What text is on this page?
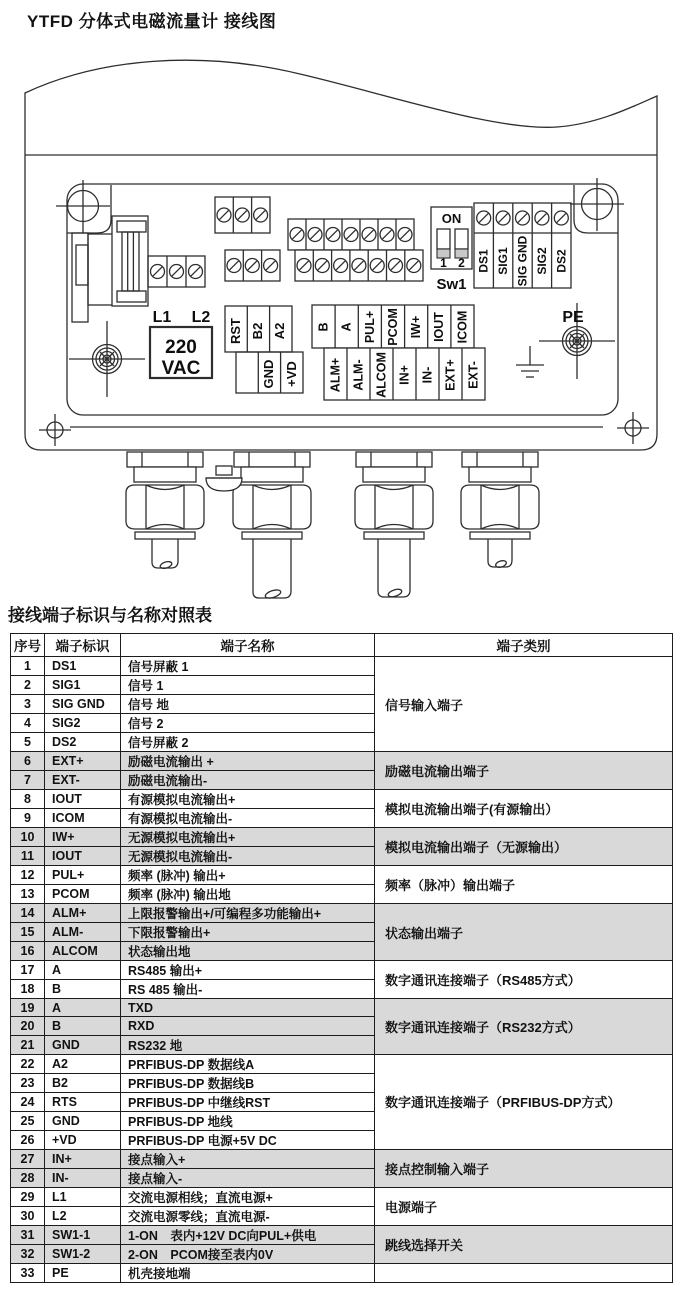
YTFD 分体式电磁流量计 接线图
L1 L2
220
VAC
RST B2 A2
GND +VD
B A PUL+ PCOM IW+ IOUT ICOM
ALM+ ALM- ALCOM IN+ IN- EXT+ EXT-
ON
1 2
Sw1
DS1 SIG1 SIG GND SIG2 DS2
PE
接线端子标识与名称对照表
序号	端子标识	端子名称	端子类别
1	DS1	信号屏蔽 1	信号输入端子
2	SIG1	信号 1	
3	SIG GND	信号 地	
4	SIG2	信号 2	
5	DS2	信号屏蔽 2	
6	EXT+	励磁电流输出 +	励磁电流输出端子
7	EXT-	励磁电流输出-	
8	IOUT	有源模拟电流输出+	模拟电流输出端子(有源输出）
9	ICOM	有源模拟电流输出-	
10	IW+	无源模拟电流输出+	模拟电流输出端子（无源输出）
11	IOUT	无源模拟电流输出-	
12	PUL+	频率 (脉冲) 输出+	频率（脉冲）输出端子
13	PCOM	频率 (脉冲) 输出地	
14	ALM+	上限报警输出+/可编程多功能输出+	状态输出端子
15	ALM-	下限报警输出+	
16	ALCOM	状态输出地	
17	A	RS485 输出+	数字通讯连接端子（RS485方式）
18	B	RS 485 输出-	
19	A	TXD	数字通讯连接端子（RS232方式）
20	B	RXD	
21	GND	RS232 地	
22	A2	PRFIBUS-DP 数据线A	数字通讯连接端子（PRFIBUS-DP方式）
23	B2	PRFIBUS-DP 数据线B	
24	RTS	PRFIBUS-DP 中继线RST	
25	GND	PRFIBUS-DP 地线	
26	+VD	PRFIBUS-DP 电源+5V DC	
27	IN+	接点输入+	接点控制输入端子
28	IN-	接点输入-	
29	L1	交流电源相线；直流电源+	电源端子
30	L2	交流电源零线；直流电源-	
31	SW1-1	1-ON　表内+12V DC向PUL+供电	跳线选择开关
32	SW1-2	2-ON　PCOM接至表内0V	
33	PE	机壳接地端	
